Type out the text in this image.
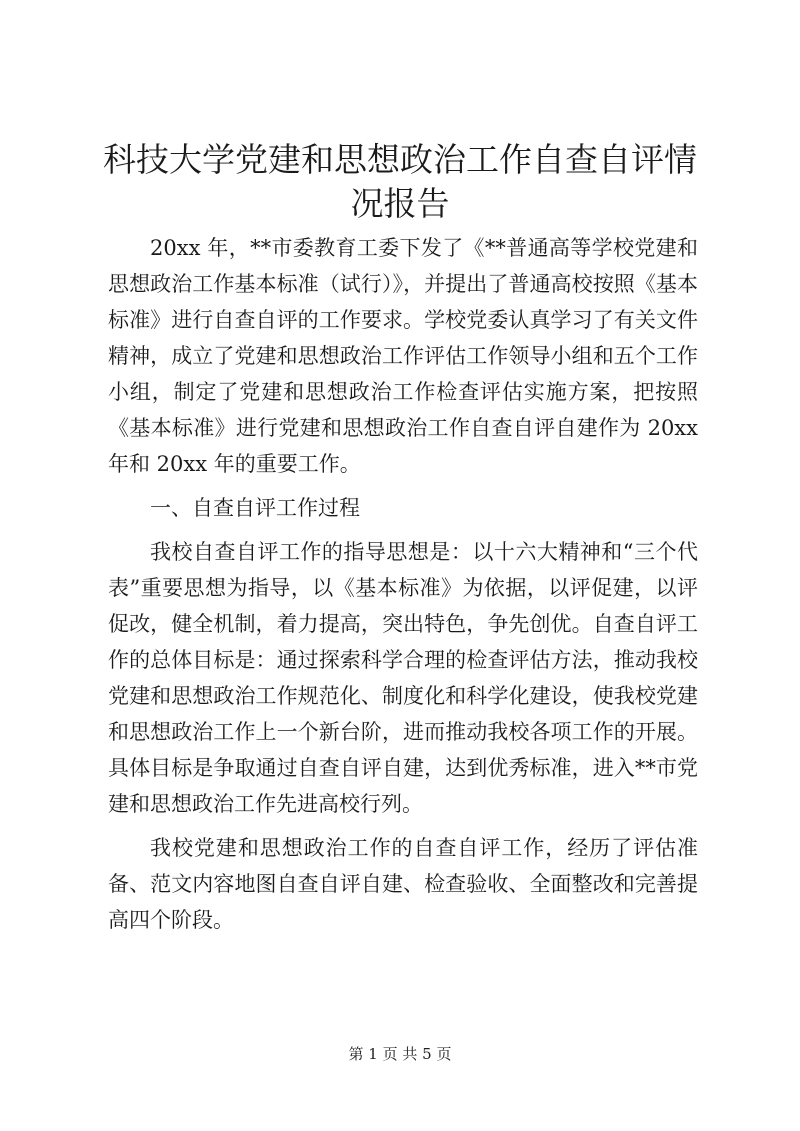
科技大学党建和思想政治工作自查自评情况报告

20xx 年，**市委教育工委下发了《**普通高等学校党建和思想政治工作基本标准（试行）》，并提出了普通高校按照《基本标准》进行自查自评的工作要求。学校党委认真学习了有关文件精神，成立了党建和思想政治工作评估工作领导小组和五个工作小组，制定了党建和思想政治工作检查评估实施方案，把按照《基本标准》进行党建和思想政治工作自查自评自建作为 20xx 年和 20xx 年的重要工作。

一、自查自评工作过程

我校自查自评工作的指导思想是：以十六大精神和“三个代表”重要思想为指导，以《基本标准》为依据，以评促建，以评促改，健全机制，着力提高，突出特色，争先创优。自查自评工作的总体目标是：通过探索科学合理的检查评估方法，推动我校党建和思想政治工作规范化、制度化和科学化建设，使我校党建和思想政治工作上一个新台阶，进而推动我校各项工作的开展。具体目标是争取通过自查自评自建，达到优秀标准，进入**市党建和思想政治工作先进高校行列。

我校党建和思想政治工作的自查自评工作，经历了评估准备、范文内容地图自查自评自建、检查验收、全面整改和完善提高四个阶段。

第 1 页 共 5 页
